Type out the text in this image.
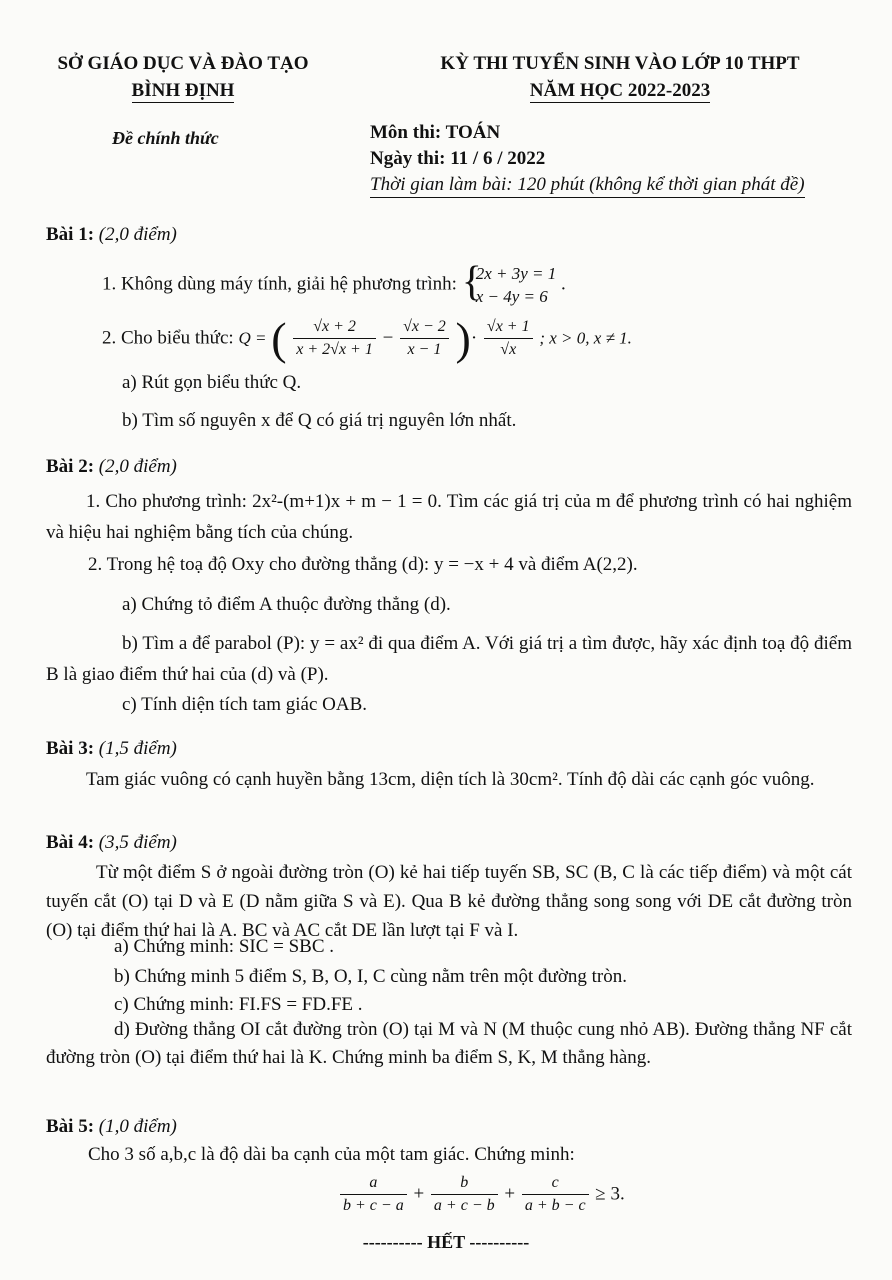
SỞ GIÁO DỤC VÀ ĐÀO TẠO
BÌNH ĐỊNH
KỲ THI TUYỂN SINH VÀO LỚP 10 THPT
NĂM HỌC 2022-2023
Đề chính thức	Môn thi: TOÁN
Ngày thi: 11 / 6 / 2022
Thời gian làm bài: 120 phút (không kể thời gian phát đề)
Bài 1: (2,0 điểm)
1. Không dùng máy tính, giải hệ phương trình:
{ 2x + 3y = 1
x − 4y = 6
.
2. Cho biểu thức: Q = ( $\frac{√x + 2}{x + 2√x + 1} - \frac{√x - 2}{x - 1}$ )· $\frac{√x + 1}{√x}$ ; x > 0, x ≠ 1.
a) Rút gọn biểu thức Q.
b) Tìm số nguyên x để Q có giá trị nguyên lớn nhất.
Bài 2: (2,0 điểm)
1. Cho phương trình: 2x²-(m+1)x + m − 1 = 0. Tìm các giá trị của m để phương trình có hai nghiệm và hiệu hai nghiệm bằng tích của chúng.
2. Trong hệ toạ độ Oxy cho đường thẳng (d): y = −x + 4 và điểm A(2,2).
a) Chứng tỏ điểm A thuộc đường thẳng (d).
b) Tìm a để parabol (P): y = ax² đi qua điểm A. Với giá trị a tìm được, hãy xác định toạ độ điểm B là giao điểm thứ hai của (d) và (P).
c) Tính diện tích tam giác OAB.
Bài 3: (1,5 điểm)
Tam giác vuông có cạnh huyền bằng 13cm, diện tích là 30cm². Tính độ dài các cạnh góc vuông.
Bài 4: (3,5 điểm)
Từ một điểm S ở ngoài đường tròn (O) kẻ hai tiếp tuyến SB, SC (B, C là các tiếp điểm) và một cát tuyến cắt (O) tại D và E (D nằm giữa S và E). Qua B kẻ đường thẳng song song với DE cắt đường tròn (O) tại điểm thứ hai là A. BC và AC cắt DE lần lượt tại F và I.
a) Chứng minh: SIC = SBC .
b) Chứng minh 5 điểm S, B, O, I, C cùng nằm trên một đường tròn.
c) Chứng minh: FI.FS = FD.FE .
d) Đường thẳng OI cắt đường tròn (O) tại M và N (M thuộc cung nhỏ AB). Đường thẳng NF cắt đường tròn (O) tại điểm thứ hai là K. Chứng minh ba điểm S, K, M thẳng hàng.
Bài 5: (1,0 điểm)
Cho 3 số a,b,c là độ dài ba cạnh của một tam giác. Chứng minh:
$\frac{a}{b + c - a} + \frac{b}{a + c - b} + \frac{c}{a + b - c} \ge 3$.
---------- HẾT ----------
